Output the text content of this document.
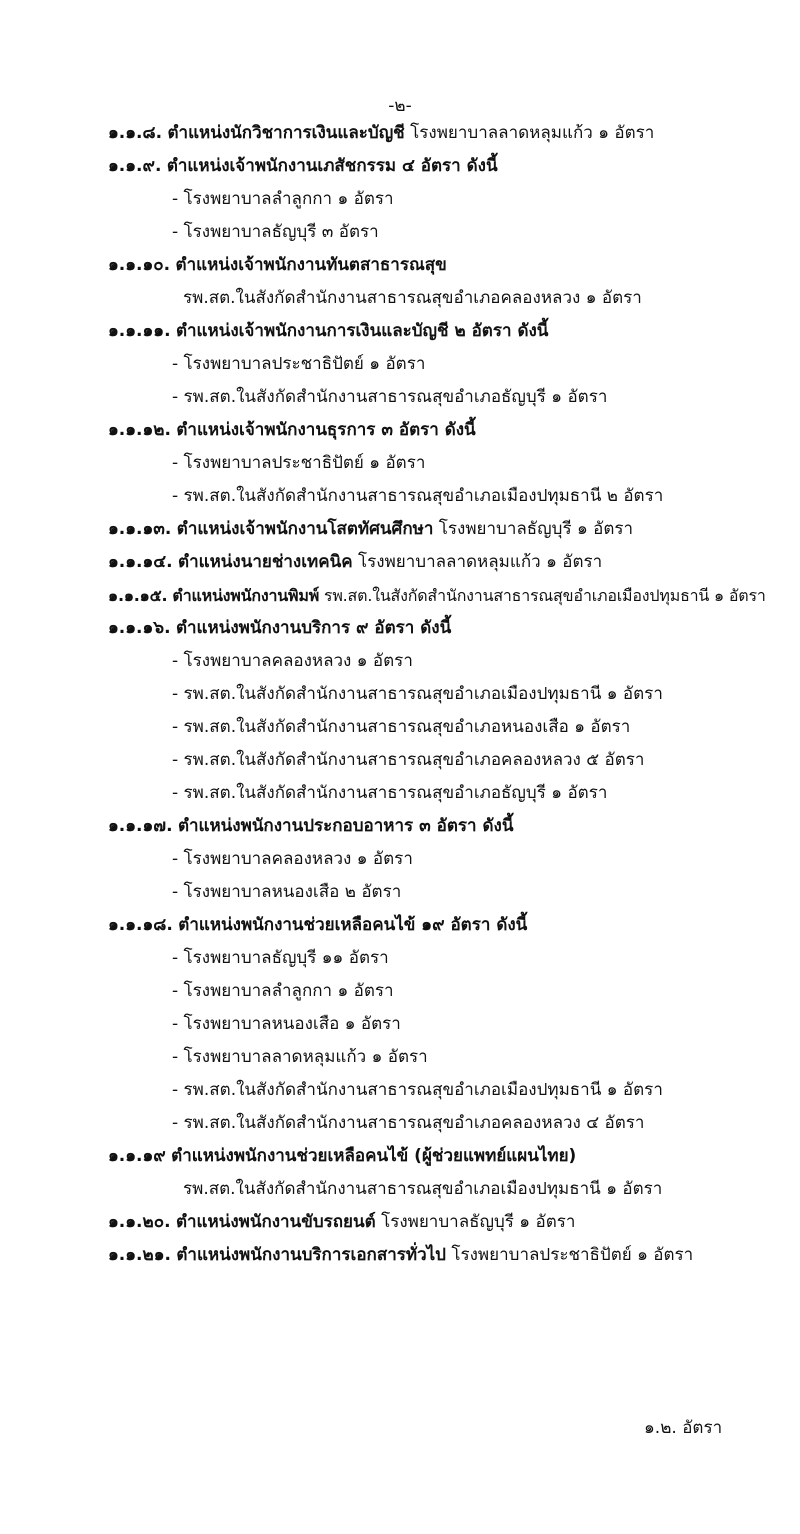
-๒-
๑.๑.๘. ตำแหน่งนักวิชาการเงินและบัญชี โรงพยาบาลลาดหลุมแก้ว ๑ อัตรา
๑.๑.๙. ตำแหน่งเจ้าพนักงานเภสัชกรรม ๔ อัตรา ดังนี้
- โรงพยาบาลลำลูกกา ๑ อัตรา
- โรงพยาบาลธัญบุรี ๓ อัตรา
๑.๑.๑๐. ตำแหน่งเจ้าพนักงานทันตสาธารณสุข
รพ.สต.ในสังกัดสำนักงานสาธารณสุขอำเภอคลองหลวง ๑ อัตรา
๑.๑.๑๑. ตำแหน่งเจ้าพนักงานการเงินและบัญชี ๒ อัตรา ดังนี้
- โรงพยาบาลประชาธิปัตย์ ๑ อัตรา
- รพ.สต.ในสังกัดสำนักงานสาธารณสุขอำเภอธัญบุรี ๑ อัตรา
๑.๑.๑๒. ตำแหน่งเจ้าพนักงานธุรการ ๓ อัตรา ดังนี้
- โรงพยาบาลประชาธิปัตย์ ๑ อัตรา
- รพ.สต.ในสังกัดสำนักงานสาธารณสุขอำเภอเมืองปทุมธานี ๒ อัตรา
๑.๑.๑๓. ตำแหน่งเจ้าพนักงานโสตทัศนศึกษา โรงพยาบาลธัญบุรี ๑ อัตรา
๑.๑.๑๔. ตำแหน่งนายช่างเทคนิค โรงพยาบาลลาดหลุมแก้ว ๑ อัตรา
๑.๑.๑๕. ตำแหน่งพนักงานพิมพ์ รพ.สต.ในสังกัดสำนักงานสาธารณสุขอำเภอเมืองปทุมธานี ๑ อัตรา
๑.๑.๑๖. ตำแหน่งพนักงานบริการ ๙ อัตรา ดังนี้
- โรงพยาบาลคลองหลวง ๑ อัตรา
- รพ.สต.ในสังกัดสำนักงานสาธารณสุขอำเภอเมืองปทุมธานี ๑ อัตรา
- รพ.สต.ในสังกัดสำนักงานสาธารณสุขอำเภอหนองเสือ ๑ อัตรา
- รพ.สต.ในสังกัดสำนักงานสาธารณสุขอำเภอคลองหลวง ๕ อัตรา
- รพ.สต.ในสังกัดสำนักงานสาธารณสุขอำเภอธัญบุรี ๑ อัตรา
๑.๑.๑๗. ตำแหน่งพนักงานประกอบอาหาร ๓ อัตรา ดังนี้
- โรงพยาบาลคลองหลวง ๑ อัตรา
- โรงพยาบาลหนองเสือ ๒ อัตรา
๑.๑.๑๘. ตำแหน่งพนักงานช่วยเหลือคนไข้ ๑๙ อัตรา ดังนี้
- โรงพยาบาลธัญบุรี ๑๑ อัตรา
- โรงพยาบาลลำลูกกา ๑ อัตรา
- โรงพยาบาลหนองเสือ ๑ อัตรา
- โรงพยาบาลลาดหลุมแก้ว ๑ อัตรา
- รพ.สต.ในสังกัดสำนักงานสาธารณสุขอำเภอเมืองปทุมธานี ๑ อัตรา
- รพ.สต.ในสังกัดสำนักงานสาธารณสุขอำเภอคลองหลวง ๔ อัตรา
๑.๑.๑๙ ตำแหน่งพนักงานช่วยเหลือคนไข้ (ผู้ช่วยแพทย์แผนไทย)
รพ.สต.ในสังกัดสำนักงานสาธารณสุขอำเภอเมืองปทุมธานี ๑ อัตรา
๑.๑.๒๐. ตำแหน่งพนักงานขับรถยนต์ โรงพยาบาลธัญบุรี ๑ อัตรา
๑.๑.๒๑. ตำแหน่งพนักงานบริการเอกสารทั่วไป โรงพยาบาลประชาธิปัตย์ ๑ อัตรา
๑.๒. อัตรา
